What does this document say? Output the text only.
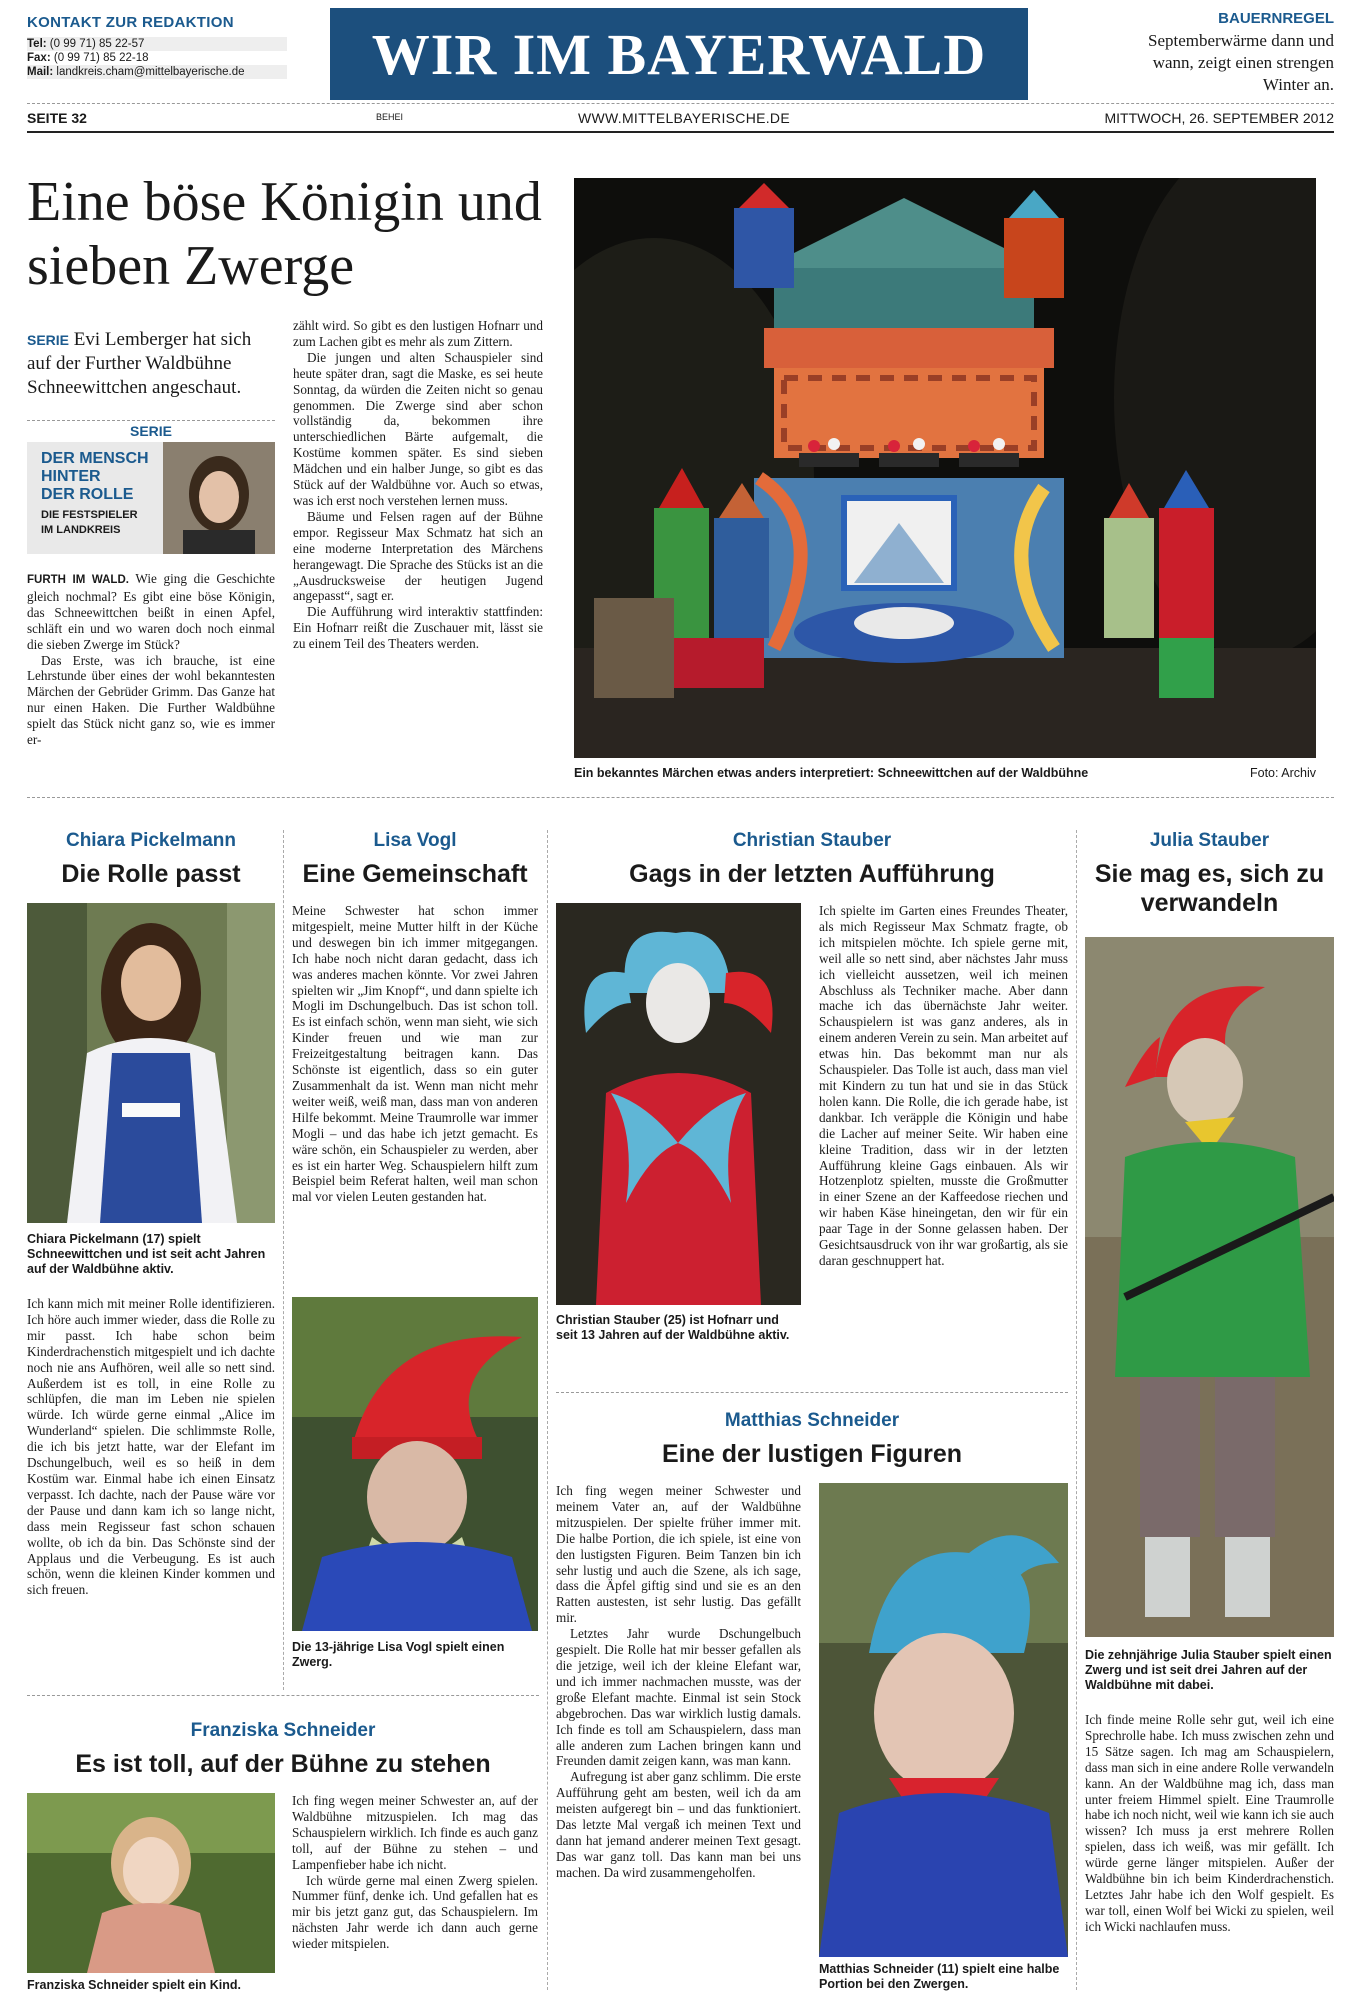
KONTAKT ZUR REDAKTION
Tel: (0 99 71) 85 22-57
Fax: (0 99 71) 85 22-18
Mail: landkreis.cham@mittelbayerische.de	WIR IM BAYERWALD
BAUERNREGEL
Septemberwärme dann und wann, zeigt einen strengen Winter an.
SEITE 32	BEHEI	WWW.MITTELBAYERISCHE.DE	MITTWOCH, 26. SEPTEMBER 2012
Eine böse Königin und sieben Zwerge
SERIE Evi Lemberger hat sich auf der Further Waldbühne Schneewittchen angeschaut.
SERIE
DER MENSCH
HINTER
DER ROLLE
DIE FESTSPIELER
IM LANDKREIS

FURTH IM WALD. Wie ging die Geschichte gleich nochmal? Es gibt eine böse Königin, das Schneewittchen beißt in einen Apfel, schläft ein und wo waren doch noch einmal die sieben Zwerge im Stück?

Das Erste, was ich brauche, ist eine Lehrstunde über eines der wohl bekanntesten Märchen der Gebrüder Grimm. Das Ganze hat nur einen Haken. Die Further Waldbühne spielt das Stück nicht ganz so, wie es immer er-

zählt wird. So gibt es den lustigen Hofnarr und zum Lachen gibt es mehr als zum Zittern.

Die jungen und alten Schauspieler sind heute später dran, sagt die Maske, es sei heute Sonntag, da würden die Zeiten nicht so genau genommen. Die Zwerge sind aber schon vollständig da, bekommen ihre unterschiedlichen Bärte aufgemalt, die Kostüme kommen später. Es sind sieben Mädchen und ein halber Junge, so gibt es das Stück auf der Waldbühne vor. Auch so etwas, was ich erst noch verstehen lernen muss.

Bäume und Felsen ragen auf der Bühne empor. Regisseur Max Schmatz hat sich an eine moderne Interpretation des Märchens herangewagt. Die Sprache des Stücks ist an die „Ausdrucksweise der heutigen Jugend angepasst“, sagt er.

Die Aufführung wird interaktiv stattfinden: Ein Hofnarr reißt die Zuschauer mit, lässt sie zu einem Teil des Theaters werden.

Ein bekanntes Märchen etwas anders interpretiert: Schneewittchen auf der Waldbühne	Foto: Archiv
Chiara Pickelmann
Die Rolle passt
Chiara Pickelmann (17) spielt Schneewittchen und ist seit acht Jahren auf der Waldbühne aktiv.
Ich kann mich mit meiner Rolle identifizieren. Ich höre auch immer wieder, dass die Rolle zu mir passt. Ich habe schon beim Kinderdrachenstich mitgespielt und ich dachte noch nie ans Aufhören, weil alle so nett sind. Außerdem ist es toll, in eine Rolle zu schlüpfen, die man im Leben nie spielen würde. Ich würde gerne einmal „Alice im Wunderland“ spielen. Die schlimmste Rolle, die ich bis jetzt hatte, war der Elefant im Dschungelbuch, weil es so heiß in dem Kostüm war. Einmal habe ich einen Einsatz verpasst. Ich dachte, nach der Pause wäre vor der Pause und dann kam ich so lange nicht, dass mein Regisseur fast schon schauen wollte, ob ich da bin. Das Schönste sind der Applaus und die Verbeugung. Es ist auch schön, wenn die kleinen Kinder kommen und sich freuen.
Lisa Vogl
Eine Gemeinschaft
Meine Schwester hat schon immer mitgespielt, meine Mutter hilft in der Küche und deswegen bin ich immer mitgegangen. Ich habe noch nicht daran gedacht, dass ich was anderes machen könnte. Vor zwei Jahren spielten wir „Jim Knopf“, und dann spielte ich Mogli im Dschungelbuch. Das ist schon toll. Es ist einfach schön, wenn man sieht, wie sich Kinder freuen und wie man zur Freizeitgestaltung beitragen kann. Das Schönste ist eigentlich, dass so ein guter Zusammenhalt da ist. Wenn man nicht mehr weiter weiß, weiß man, dass man von anderen Hilfe bekommt. Meine Traumrolle war immer Mogli – und das habe ich jetzt gemacht. Es wäre schön, ein Schauspieler zu werden, aber es ist ein harter Weg. Schauspielern hilft zum Beispiel beim Referat halten, weil man schon mal vor vielen Leuten gestanden hat.
Die 13-jährige Lisa Vogl spielt einen Zwerg.
Christian Stauber
Gags in der letzten Aufführung
Christian Stauber (25) ist Hofnarr und seit 13 Jahren auf der Waldbühne aktiv.
Ich spielte im Garten eines Freundes Theater, als mich Regisseur Max Schmatz fragte, ob ich mitspielen möchte. Ich spiele gerne mit, weil alle so nett sind, aber nächstes Jahr muss ich vielleicht aussetzen, weil ich meinen Abschluss als Techniker mache. Aber dann mache ich das übernächste Jahr weiter. Schauspielern ist was ganz anderes, als in einem anderen Verein zu sein. Man arbeitet auf etwas hin. Das bekommt man nur als Schauspieler. Das Tolle ist auch, dass man viel mit Kindern zu tun hat und sie in das Stück holen kann. Die Rolle, die ich gerade habe, ist dankbar. Ich veräpple die Königin und habe die Lacher auf meiner Seite. Wir haben eine kleine Tradition, dass wir in der letzten Aufführung kleine Gags einbauen. Als wir Hotzenplotz spielten, musste die Großmutter in einer Szene an der Kaffeedose riechen und wir haben Käse hineingetan, den wir für ein paar Tage in der Sonne gelassen haben. Der Gesichtsausdruck von ihr war großartig, als sie daran geschnuppert hat.
Matthias Schneider
Eine der lustigen Figuren

Ich fing wegen meiner Schwester und meinem Vater an, auf der Waldbühne mitzuspielen. Der spielte früher immer mit. Die halbe Portion, die ich spiele, ist eine von den lustigsten Figuren. Beim Tanzen bin ich sehr lustig und auch die Szene, als ich sage, dass die Äpfel giftig sind und sie es an den Ratten austesten, ist sehr lustig. Das gefällt mir.

Letztes Jahr wurde Dschungelbuch gespielt. Die Rolle hat mir besser gefallen als die jetzige, weil ich der kleine Elefant war, und ich immer nachmachen musste, was der große Elefant machte. Einmal ist sein Stock abgebrochen. Das war wirklich lustig damals. Ich finde es toll am Schauspielern, dass man alle anderen zum Lachen bringen kann und Freunden damit zeigen kann, was man kann.

Aufregung ist aber ganz schlimm. Die erste Aufführung geht am besten, weil ich da am meisten aufgeregt bin – und das funktioniert. Das letzte Mal vergaß ich meinen Text und dann hat jemand anderer meinen Text gesagt. Das war ganz toll. Das kann man bei uns machen. Da wird zusammengeholfen.

Matthias Schneider (11) spielt eine halbe Portion bei den Zwergen.
Julia Stauber
Sie mag es, sich zu verwandeln
Die zehnjährige Julia Stauber spielt einen Zwerg und ist seit drei Jahren auf der Waldbühne mit dabei.
Ich finde meine Rolle sehr gut, weil ich eine Sprechrolle habe. Ich muss zwischen zehn und 15 Sätze sagen. Ich mag am Schauspielern, dass man sich in eine andere Rolle verwandeln kann. An der Waldbühne mag ich, dass man unter freiem Himmel spielt. Eine Traumrolle habe ich noch nicht, weil wie kann ich sie auch wissen? Ich muss ja erst mehrere Rollen spielen, dass ich weiß, was mir gefällt. Ich würde gerne länger mitspielen. Außer der Waldbühne bin ich beim Kinderdrachenstich. Letztes Jahr habe ich den Wolf gespielt. Es war toll, einen Wolf bei Wicki zu spielen, weil ich Wicki nachlaufen muss.
Franziska Schneider
Es ist toll, auf der Bühne zu stehen
Franziska Schneider spielt ein Kind.

Ich fing wegen meiner Schwester an, auf der Waldbühne mitzuspielen. Ich mag das Schauspielern wirklich. Ich finde es auch ganz toll, auf der Bühne zu stehen – und Lampenfieber habe ich nicht.

Ich würde gerne mal einen Zwerg spielen. Nummer fünf, denke ich. Und gefallen hat es mir bis jetzt ganz gut, das Schauspielern. Im nächsten Jahr werde ich dann auch gerne wieder mitspielen.
